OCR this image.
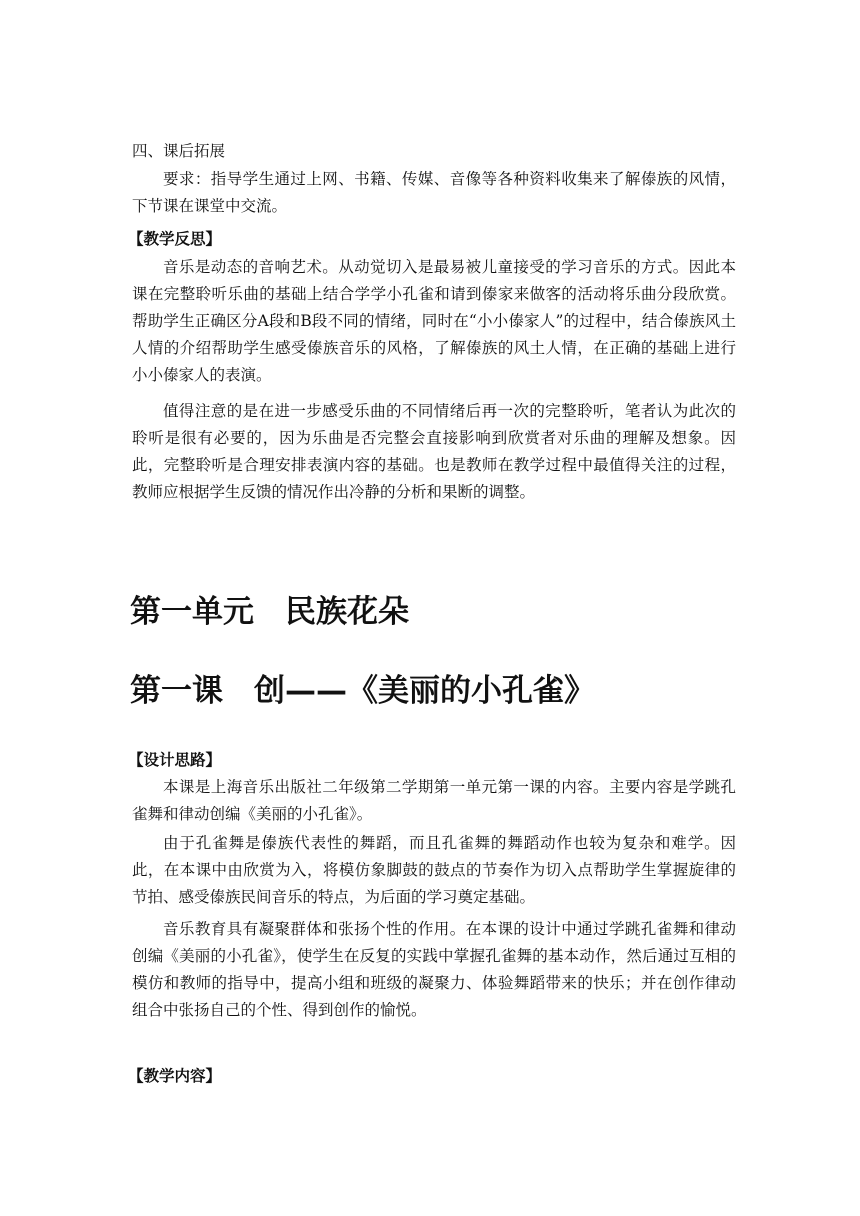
四、课后拓展

要求：指导学生通过上网、书籍、传媒、音像等各种资料收集来了解傣族的风情，下节课在课堂中交流。

【教学反思】

音乐是动态的音响艺术。从动觉切入是最易被儿童接受的学习音乐的方式。因此本课在完整聆听乐曲的基础上结合学学小孔雀和请到傣家来做客的活动将乐曲分段欣赏。帮助学生正确区分A段和B段不同的情绪，同时在“小小傣家人”的过程中，结合傣族风土人情的介绍帮助学生感受傣族音乐的风格，了解傣族的风土人情，在正确的基础上进行小小傣家人的表演。

值得注意的是在进一步感受乐曲的不同情绪后再一次的完整聆听，笔者认为此次的聆听是很有必要的，因为乐曲是否完整会直接影响到欣赏者对乐曲的理解及想象。因此，完整聆听是合理安排表演内容的基础。也是教师在教学过程中最值得关注的过程，教师应根据学生反馈的情况作出冷静的分析和果断的调整。

第一单元　民族花朵
第一课　创——《美丽的小孔雀》
【设计思路】

本课是上海音乐出版社二年级第二学期第一单元第一课的内容。主要内容是学跳孔雀舞和律动创编《美丽的小孔雀》。

由于孔雀舞是傣族代表性的舞蹈，而且孔雀舞的舞蹈动作也较为复杂和难学。因此，在本课中由欣赏为入，将模仿象脚鼓的鼓点的节奏作为切入点帮助学生掌握旋律的节拍、感受傣族民间音乐的特点，为后面的学习奠定基础。

音乐教育具有凝聚群体和张扬个性的作用。在本课的设计中通过学跳孔雀舞和律动创编《美丽的小孔雀》，使学生在反复的实践中掌握孔雀舞的基本动作，然后通过互相的模仿和教师的指导中，提高小组和班级的凝聚力、体验舞蹈带来的快乐；并在创作律动组合中张扬自己的个性、得到创作的愉悦。

【教学内容】
